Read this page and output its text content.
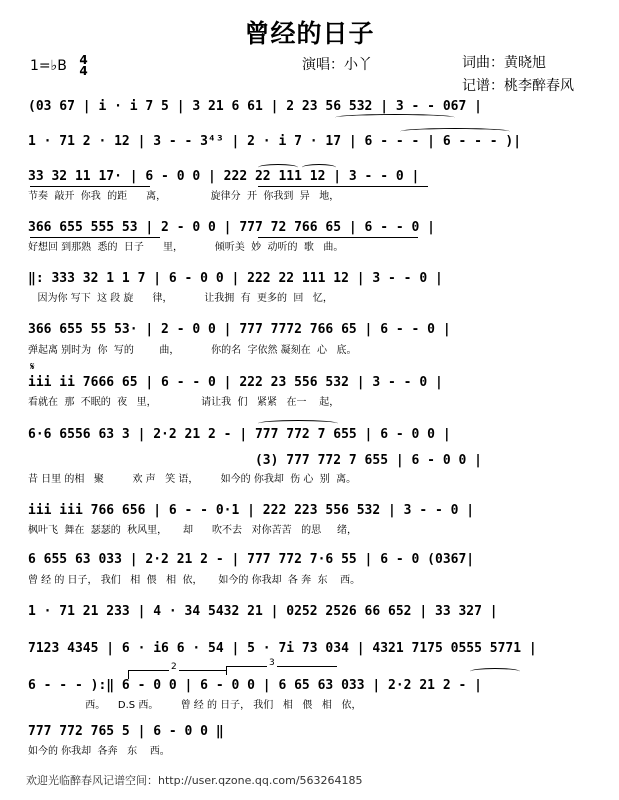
曾经的日子
1=♭B 4
4	演唱：小丫	词曲：黄晓旭
记谱：桃李醉春风
(03 67 | i · i 7 5 | 3 21 6 61 | 2 23 56 532 | 3 - - 067 |
1 · 71 2 · 12 | 3 - - 3⁴³ | 2 · i 7 · 17 | 6 - - - | 6 - - - )|
33 32 11 17· | 6 - 0 0 | 222 22 111 12 | 3 - - 0 |
节奏  敲开  你我  的距      离，              旋律分  开  你我到  异   地，
366 655 555 53 | 2 - 0 0 | 777 72 766 65 | 6 - - 0 |
好想回 到那熟  悉的  日子      里，          倾听美  妙  动听的  歌   曲。
‖: 333 32 1 1 7 | 6 - 0 0 | 222 22 111 12 | 3 - - 0 |
因为你 写下  这 段 旋      律，          让我拥  有  更多的  回   忆，
366 655 55 53· | 2 - 0 0 | 777 7772 766 65 | 6 - - 0 |
弹起离 别时为  你  写的        曲，          你的名  字依然 凝刻在  心   底。
𝄋
iii ii 7666 65 | 6 - - 0 | 222 23 556 532 | 3 - - 0 |
看就在  那  不眠的  夜   里，              请让我  们   紧紧   在一    起，
6·6 6556 63 3 | 2·2 21 2 - | 777 772 7 655 | 6 - 0 0 |
(3) 777 772 7 655 | 6 - 0 0 |
昔 日里 的相   聚         欢 声   笑 语，       如今的 你我却  伤 心  别  离。
iii iii 766 656 | 6 - - 0·1 | 222 223 556 532 | 3 - - 0 |
枫叶飞  舞在  瑟瑟的  秋风里，     却      吹不去   对你苦苦   的思     绪，
6 655 63 033 | 2·2 21 2 - | 777 772 7·6 55 | 6 - 0 (0367|
曾 经 的 日子， 我们   相  偎   相  依，     如今的 你我却  各 奔  东    西。
1 · 71 21 233 | 4 · 34 5432 21 | 0252 2526 66 652 | 33 327 |
7123 4345 | 6 · i6 6 · 54 | 5 · 7i 73 034 | 4321 7175 0555 5771 |
2	3
6 - - - ):‖ 6 - 0 0 | 6 - 0 0 | 6 65 63 033 | 2·2 21 2 - |
西。    D.S 西。       曾 经 的 日子， 我们   相   偎   相   依，
777 772 765 5 | 6 - 0 0 ‖
如今的 你我却  各奔   东    西。
欢迎光临醉春风记谱空间：http://user.qzone.qq.com/563264185
